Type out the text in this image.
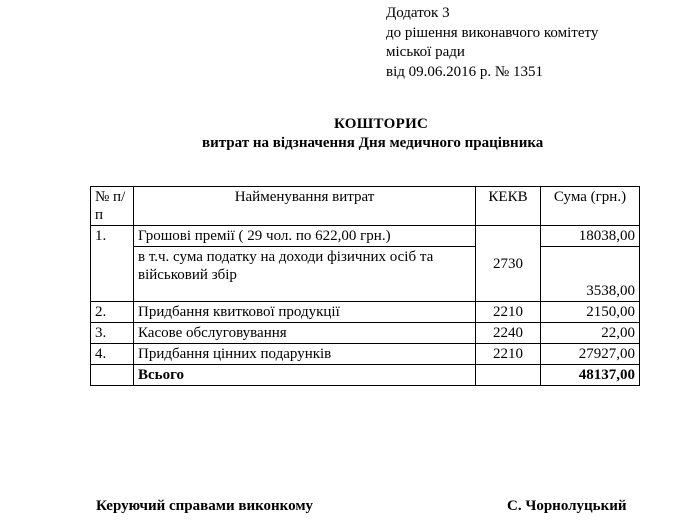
Додаток 3
до рішення виконавчого комітету
міської ради
від 09.06.2016 р. № 1351
КОШТОРИС
витрат на відзначення Дня медичного працівника
№ п/п	Найменування витрат	КЕКВ	Сума (грн.)
1.	Грошові премії ( 29 чол. по 622,00 грн.)	2730	18038,00
	в т.ч. сума податку на доходи фізичних осіб та військовий збір		3538,00
2.	Придбання квиткової продукції	2210	2150,00
3.	Касове обслуговування	2240	22,00
4.	Придбання цінних подарунків	2210	27927,00
	Всього		48137,00
Керуючий справами виконкому	С. Чорнолуцький
